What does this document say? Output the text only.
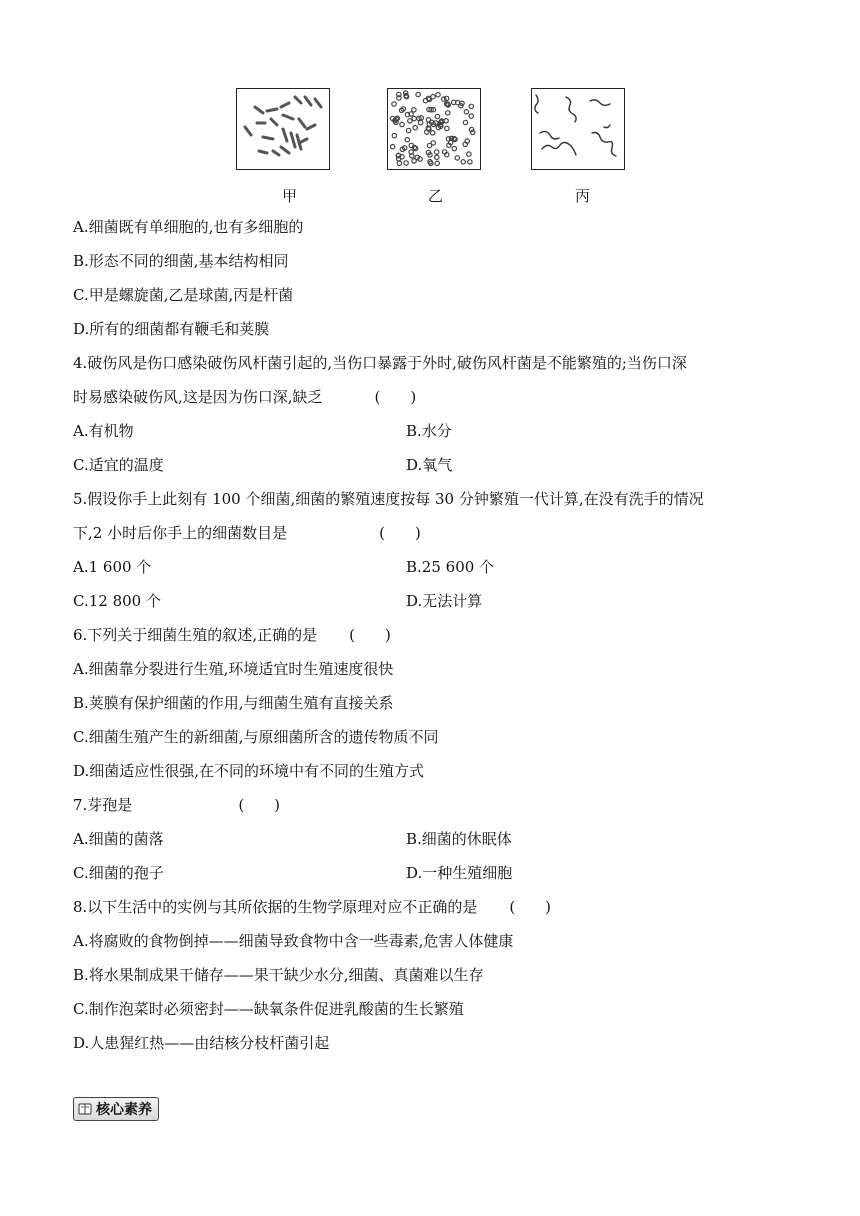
甲	乙	丙
A.细菌既有单细胞的,也有多细胞的
B.形态不同的细菌,基本结构相同
C.甲是螺旋菌,乙是球菌,丙是杆菌
D.所有的细菌都有鞭毛和荚膜
4.破伤风是伤口感染破伤风杆菌引起的,当伤口暴露于外时,破伤风杆菌是不能繁殖的;当伤口深
时易感染破伤风,这是因为伤口深,缺乏	(　　)
A.有机物	B.水分
C.适宜的温度	D.氧气
5.假设你手上此刻有 100 个细菌,细菌的繁殖速度按每 30 分钟繁殖一代计算,在没有洗手的情况
下,2 小时后你手上的细菌数目是	(　　)
A.1 600 个	B.25 600 个
C.12 800 个	D.无法计算
6.下列关于细菌生殖的叙述,正确的是 (　　)
A.细菌靠分裂进行生殖,环境适宜时生殖速度很快
B.荚膜有保护细菌的作用,与细菌生殖有直接关系
C.细菌生殖产生的新细菌,与原细菌所含的遗传物质不同
D.细菌适应性很强,在不同的环境中有不同的生殖方式
7.芽孢是	(　　)
A.细菌的菌落	B.细菌的休眠体
C.细菌的孢子	D.一种生殖细胞
8.以下生活中的实例与其所依据的生物学原理对应不正确的是 (　　)
A.将腐败的食物倒掉——细菌导致食物中含一些毒素,危害人体健康
B.将水果制成果干储存——果干缺少水分,细菌、真菌难以生存
C.制作泡菜时必须密封——缺氧条件促进乳酸菌的生长繁殖
D.人患猩红热——由结核分枝杆菌引起
核心素养
